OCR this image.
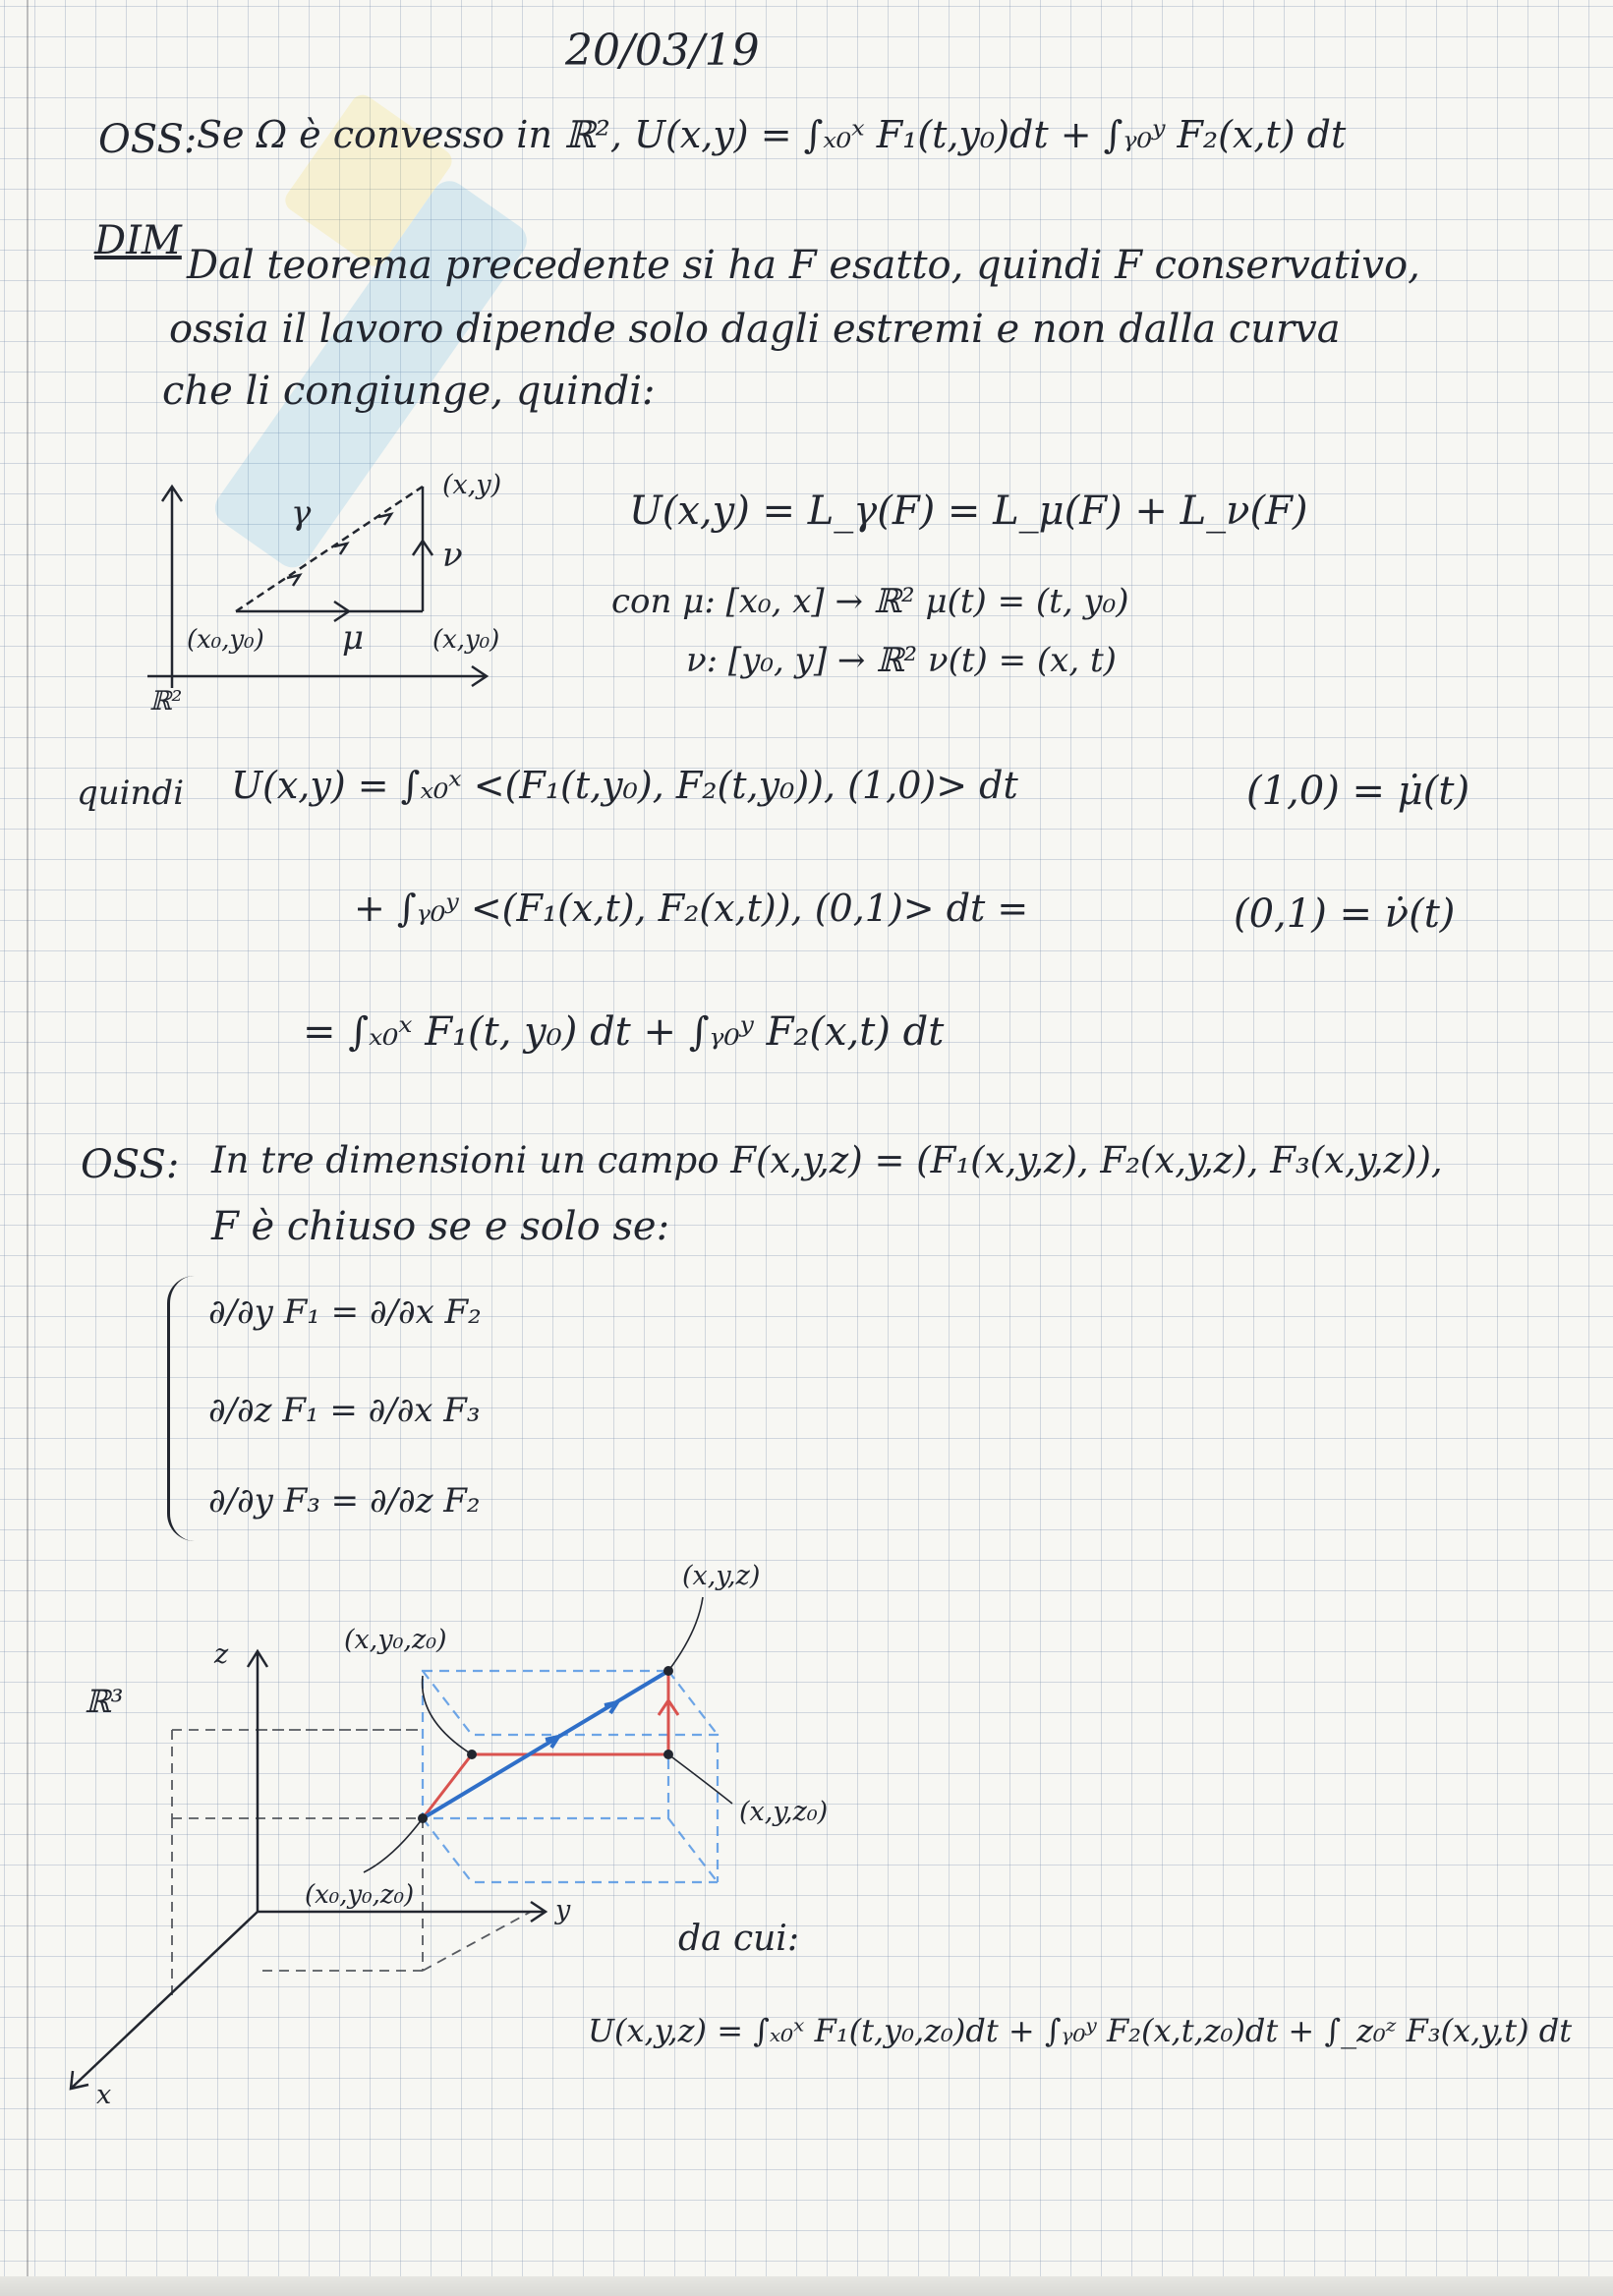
20/03/19
OSS: Se Ω è convesso in ℝ², U(x,y) = ∫ₓ₀ˣ F₁(t,y₀)dt + ∫ᵧ₀ʸ F₂(x,t) dt
DIM
Dal teorema precedente si ha F esatto, quindi F conservativo,
ossia il lavoro dipende solo dagli estremi e non dalla curva
che li congiunge, quindi:
ℝ²
(x,y)
(x₀,y₀)	(x,y₀)
γ
μ
ν
U(x,y) = L_γ(F) = L_μ(F) + L_ν(F)
con μ: [x₀, x] → ℝ² μ(t) = (t, y₀)
ν: [y₀, y] → ℝ² ν(t) = (x, t)
quindi U(x,y) = ∫ₓ₀ˣ <(F₁(t,y₀), F₂(t,y₀)), (1,0)> dt	(1,0) = μ̇(t)
+ ∫ᵧ₀ʸ <(F₁(x,t), F₂(x,t)), (0,1)> dt =	(0,1) = ν̇(t)
= ∫ₓ₀ˣ F₁(t, y₀) dt + ∫ᵧ₀ʸ F₂(x,t) dt
OSS: In tre dimensioni un campo F(x,y,z) = (F₁(x,y,z), F₂(x,y,z), F₃(x,y,z)),
F è chiuso se e solo se:
∂/∂y F₁ = ∂/∂x F₂
∂/∂z F₁ = ∂/∂x F₃
∂/∂y F₃ = ∂/∂z F₂
ℝ³
z
y
x
(x,y,z)
(x,y₀,z₀)
(x,y,z₀)
(x₀,y₀,z₀)
da cui:
U(x,y,z) = ∫ₓ₀ˣ F₁(t,y₀,z₀)dt + ∫ᵧ₀ʸ F₂(x,t,z₀)dt + ∫_z₀ᶻ F₃(x,y,t) dt
